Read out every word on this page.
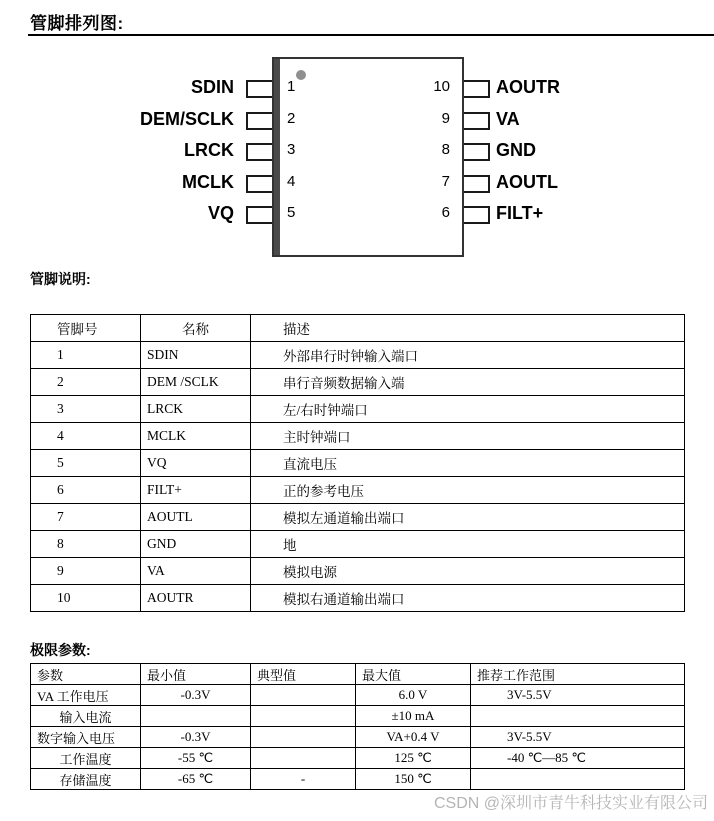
管脚排列图:
管脚说明:
管脚号	名称	描述
1	SDIN	外部串行时钟输入端口
2	DEM /SCLK	串行音频数据输入端
3	LRCK	左/右时钟端口
4	MCLK	主时钟端口
5	VQ	直流电压
6	FILT+	正的参考电压
7	AOUTL	模拟左通道输出端口
8	GND	地
9	VA	模拟电源
10	AOUTR	模拟右通道输出端口
极限参数:
参数	最小值	典型值	最大值	推荐工作范围
VA 工作电压	-0.3V		6.0 V	3V-5.5V
输入电流			±10 mA	
数字输入电压	-0.3V		VA+0.4 V	3V-5.5V
工作温度	-55 ℃		125 ℃	-40 ℃—85 ℃
存储温度	-65 ℃	-	150 ℃	
CSDN @深圳市青牛科技实业有限公司
SDIN	1
DEM/SCLK	2
LRCK	3
MCLK	4
VQ	5
AOUTR
10
VA
9
GND
8
AOUTL
7
FILT+
6
